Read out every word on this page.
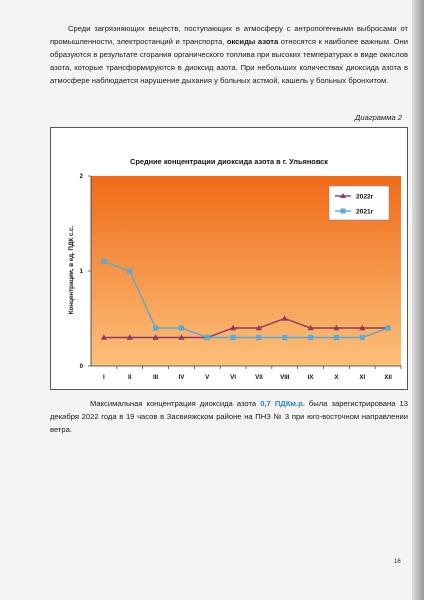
Среди загрязняющих веществ, поступающих в атмосферу с антропогенными выбросами от промышленности, электростанций и транспорта, оксиды азота относятся к наиболее важным. Они образуются в результате сгорания органического топлива при высоких температурах в виде окислов азота, которые трансформируются в диоксид азота. При небольших количествах диоксида азота в атмосфере наблюдается нарушение дыхания у больных астмой, кашель у больных бронхитом.

Диаграмма 2
Средние концентрации диоксида азота в г. Ульяновск
Концентрации, в ед. ПДК с.с.
0
1
2
I	II	III	IV	V	VI	VII	VIII	IX	X	XI	XII
2022г
2021г

Максимальная концентрация диоксида азота 0,7 ПДКм.р. была зарегистрирована 13 декабря 2022 года в 19 часов в Засвияжском районе на ПНЗ № 3 при юго-восточном направлении ветра.

16
